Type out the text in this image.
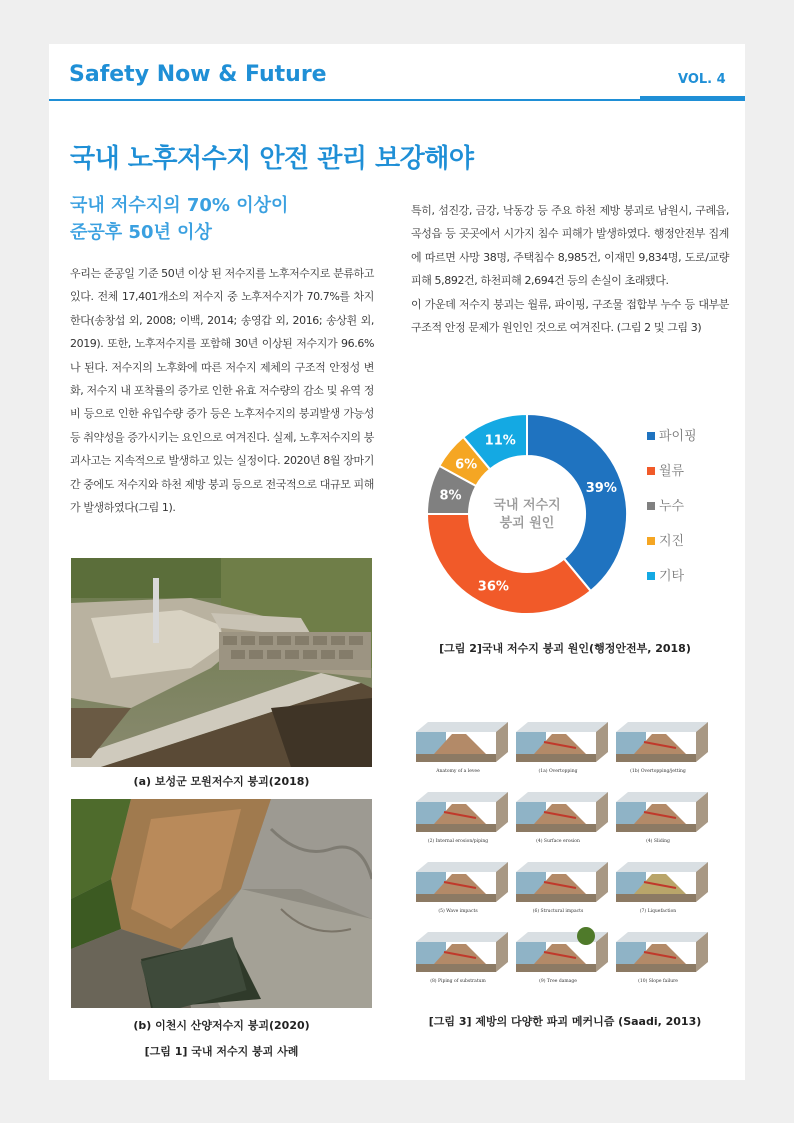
Safety Now & Future	VOL. 4
국내 노후저수지 안전 관리 보강해야
국내 저수지의 70% 이상이
준공후 50년 이상
우리는 준공일 기준 50년 이상 된 저수지를 노후저수지로 분류하고 있다. 전체 17,401개소의 저수지 중 노후저수지가 70.7%를 차지한다(송창섭 외, 2008; 이백, 2014; 송영갑 외, 2016; 송상휜 외, 2019). 또한, 노후저수지를 포함해 30년 이상된 저수지가 96.6%나 된다. 저수지의 노후화에 따른 저수지 제체의 구조적 안정성 변화, 저수지 내 포착률의 증가로 인한 유효 저수량의 감소 및 유역 정비 등으로 인한 유입수량 증가 등은 노후저수지의 붕괴발생 가능성 등 취약성을 증가시키는 요인으로 여겨진다. 실제, 노후저수지의 붕괴사고는 지속적으로 발생하고 있는 실정이다. 2020년 8월 장마기간 중에도 저수지와 하천 제방 붕괴 등으로 전국적으로 대규모 피해가 발생하였다(그림 1).

특히, 섬진강, 금강, 낙동강 등 주요 하천 제방 붕괴로 남원시, 구례읍, 곡성읍 등 곳곳에서 시가지 침수 피해가 발생하였다. 행정안전부 집계에 따르면 사망 38명, 주택침수 8,985건, 이재민 9,834명, 도로/교량 피해 5,892건, 하천피해 2,694건 등의 손실이 초래됐다.

이 가운데 저수지 붕괴는 월류, 파이핑, 구조물 접합부 누수 등 대부분 구조적 안정 문제가 원인인 것으로 여겨진다. (그림 2 및 그림 3)

(a) 보성군 모원저수지 붕괴(2018)
(b) 이천시 산양저수지 붕괴(2020)
[그림 1] 국내 저수지 붕괴 사례
39%
36%
8%
6%
11%
국내 저수지
붕괴 원인
파이핑
월류
누수
지진
기타
[그림 2]국내 저수지 붕괴 원인(행정안전부, 2018)
Anatomy of a levee	(1a) Overtopping	(1b) Overtopping/jetting
(2) Internal erosion/piping	(4) Surface erosion	(4) Sliding
(5) Wave impacts	(6) Structural impacts	(7) Liquefaction
(8) Piping of substratum	(9) Tree damage	(10) Slope failure
[그림 3] 제방의 다양한 파괴 메커니즘 (Saadi, 2013)
